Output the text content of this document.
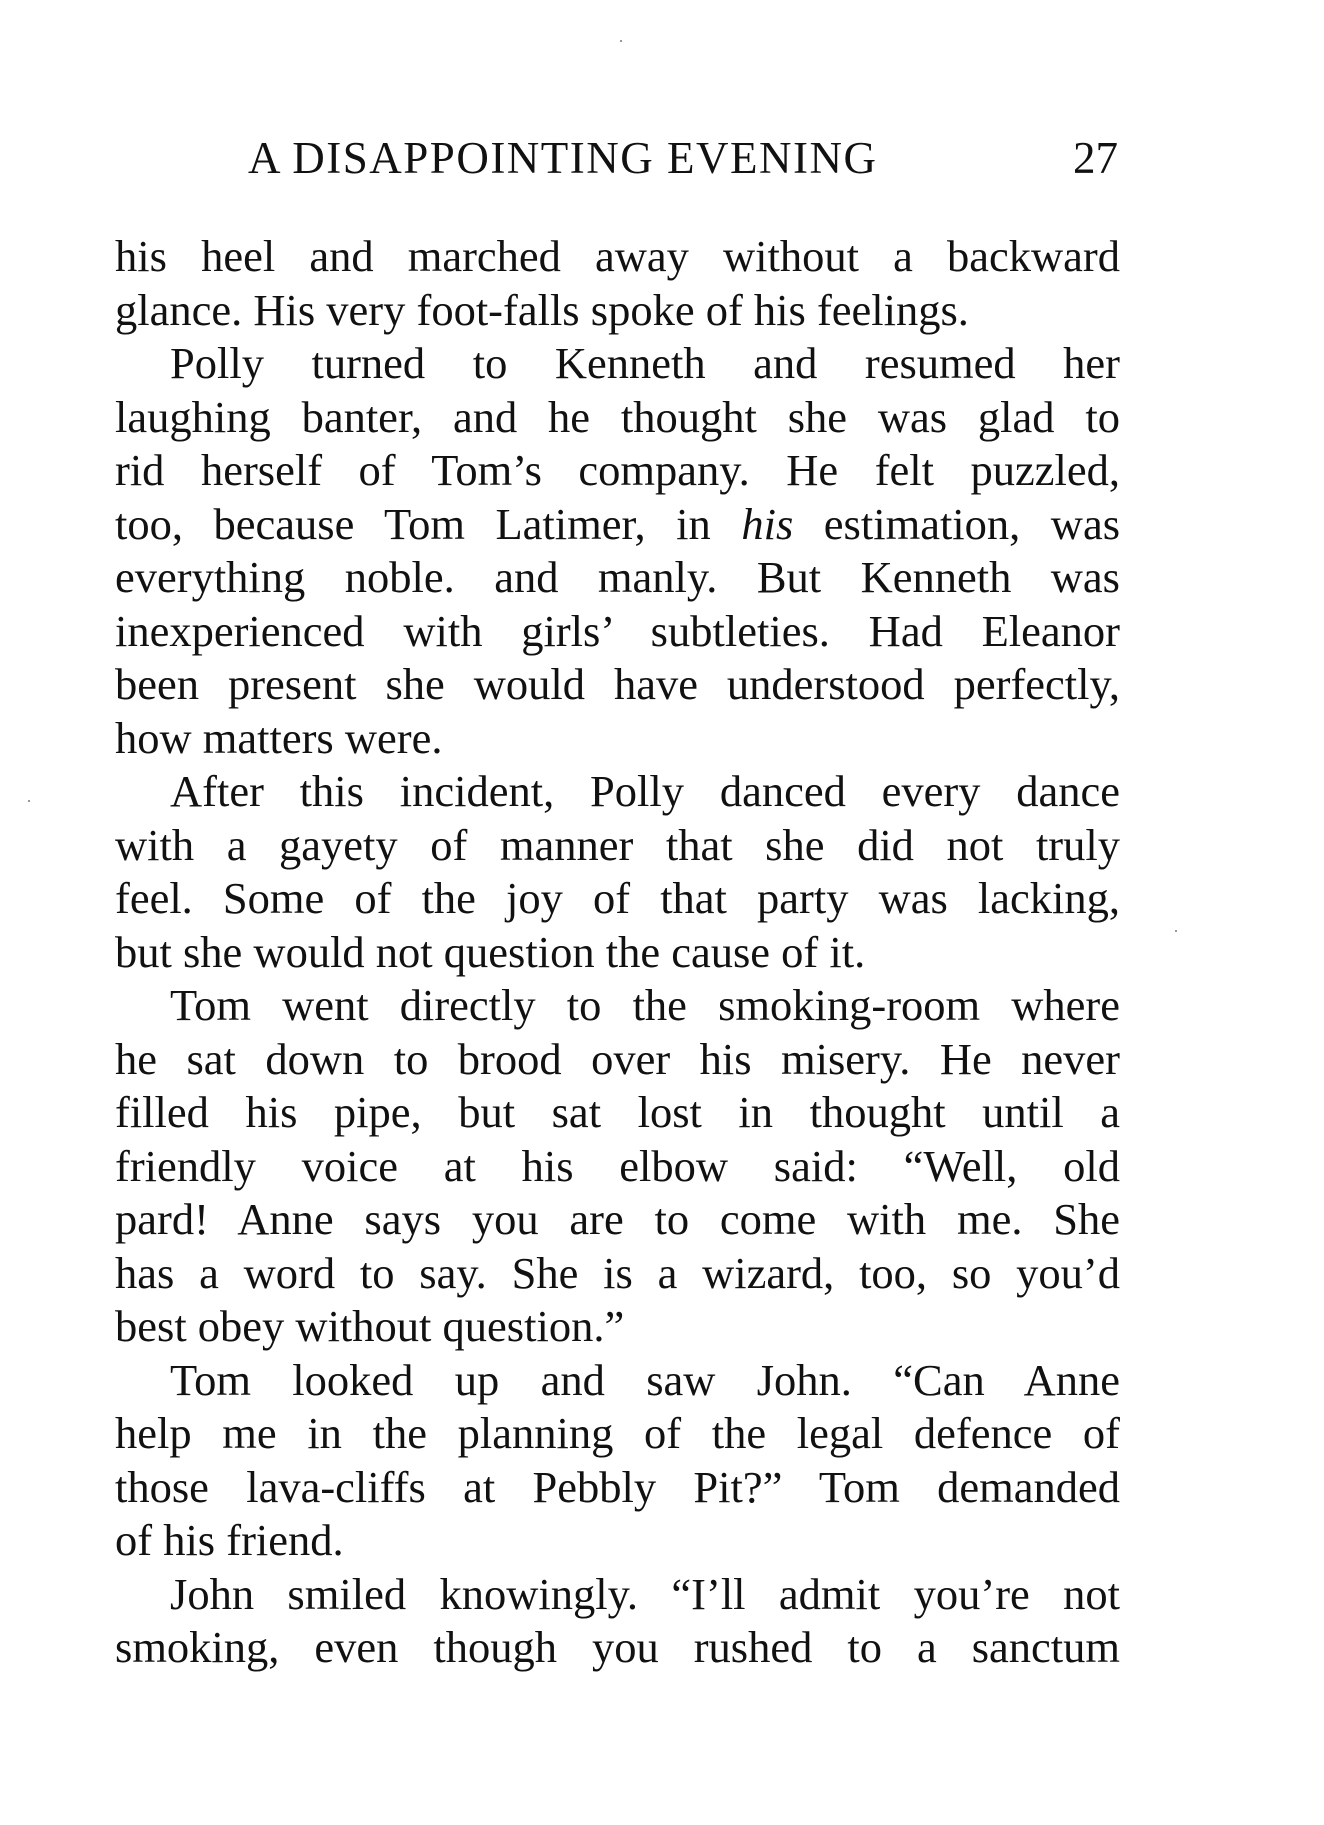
A DISAPPOINTING EVENING	27
his heel and marched away without a backward
glance. His very foot-falls spoke of his feelings.
Polly turned to Kenneth and resumed her
laughing banter, and he thought she was glad to
rid herself of Tom’s company. He felt puzzled,
too, because Tom Latimer, in his estimation, was
everything noble. and manly. But Kenneth was
inexperienced with girls’ subtleties. Had Eleanor
been present she would have understood perfectly,
how matters were.
After this incident, Polly danced every dance
with a gayety of manner that she did not truly
feel. Some of the joy of that party was lacking,
but she would not question the cause of it.
Tom went directly to the smoking-room where
he sat down to brood over his misery. He never
filled his pipe, but sat lost in thought until a
friendly voice at his elbow said: “Well, old
pard! Anne says you are to come with me. She
has a word to say. She is a wizard, too, so you’d
best obey without question.”
Tom looked up and saw John. “Can Anne
help me in the planning of the legal defence of
those lava-cliffs at Pebbly Pit?” Tom demanded
of his friend.
John smiled knowingly. “I’ll admit you’re not
smoking, even though you rushed to a sanctum
